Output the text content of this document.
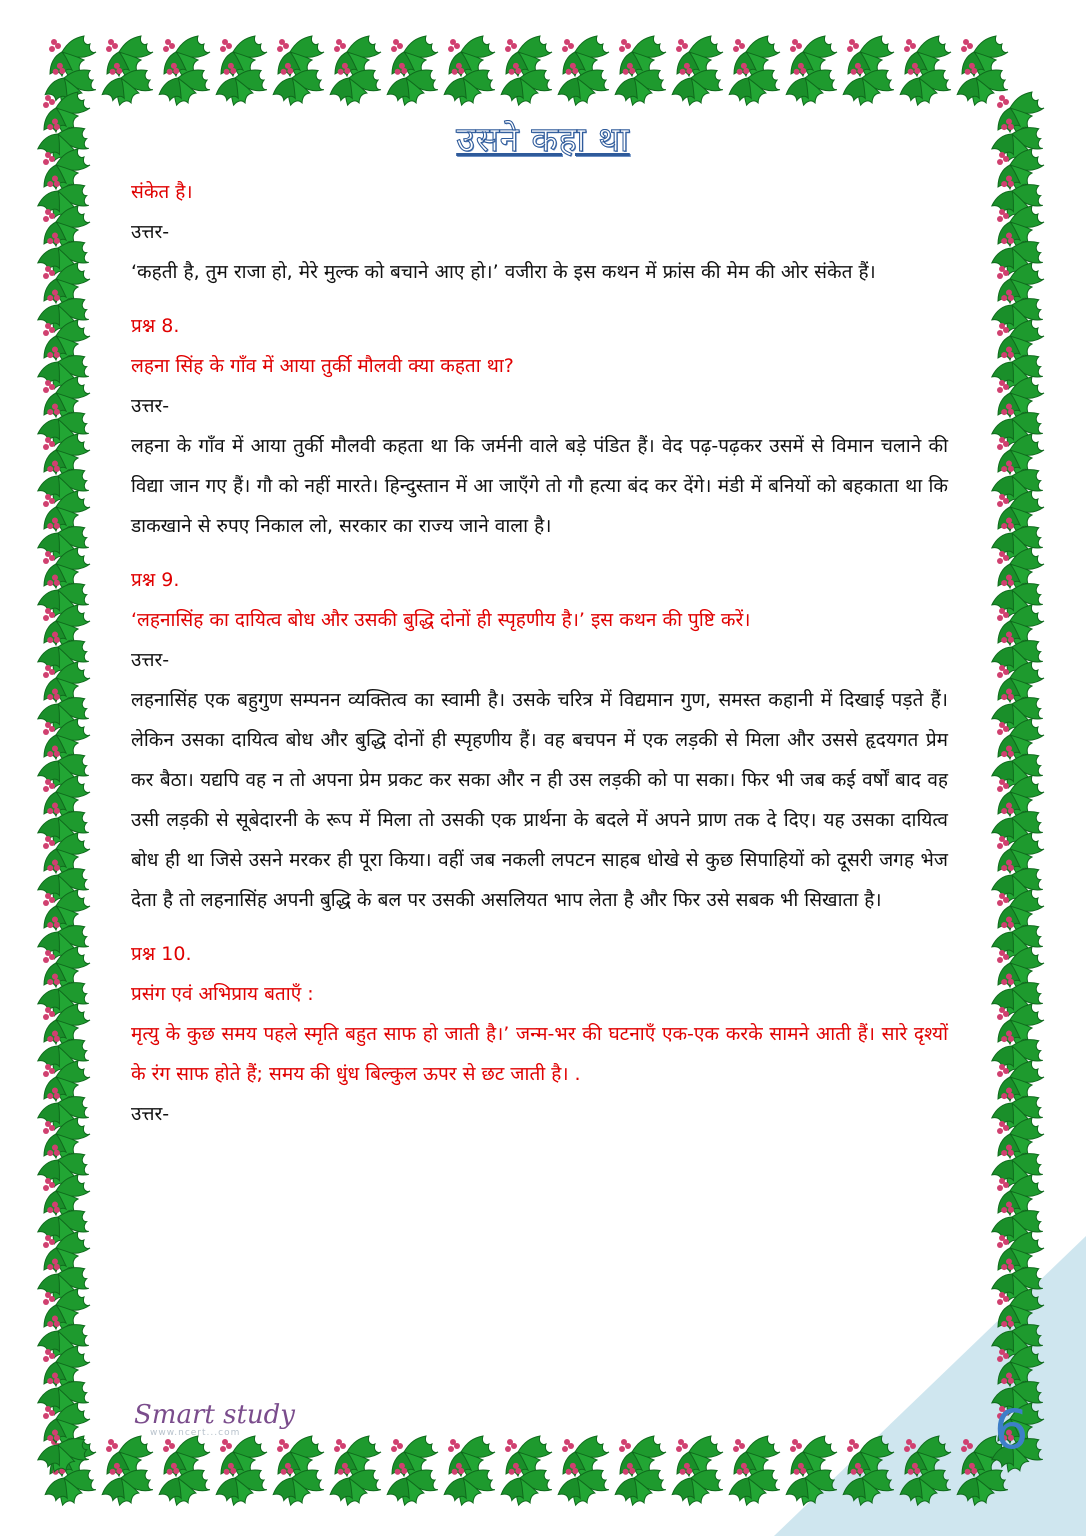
उसने कहा था

संकेत है।

उत्तर-

‘कहती है, तुम राजा हो, मेरे मुल्क को बचाने आए हो।’ वजीरा के इस कथन में फ्रांस की मेम की ओर संकेत हैं।

प्रश्न 8.

लहना सिंह के गाँव में आया तुर्की मौलवी क्या कहता था?

उत्तर-

लहना के गाँव में आया तुर्की मौलवी कहता था कि जर्मनी वाले बड़े पंडित हैं। वेद पढ़-पढ़कर उसमें से विमान चलाने की विद्या जान गए हैं। गौ को नहीं मारते। हिन्दुस्तान में आ जाएँगे तो गौ हत्या बंद कर देंगे। मंडी में बनियों को बहकाता था कि डाकखाने से रुपए निकाल लो, सरकार का राज्य जाने वाला है।

प्रश्न 9.

‘लहनासिंह का दायित्व बोध और उसकी बुद्धि दोनों ही स्पृहणीय है।’ इस कथन की पुष्टि करें।

उत्तर-

लहनासिंह एक बहुगुण सम्पनन व्यक्तित्व का स्वामी है। उसके चरित्र में विद्यमान गुण, समस्त कहानी में दिखाई पड़ते हैं। लेकिन उसका दायित्व बोध और बुद्धि दोनों ही स्पृहणीय हैं। वह बचपन में एक लड़की से मिला और उससे हृदयगत प्रेम कर बैठा। यद्यपि वह न तो अपना प्रेम प्रकट कर सका और न ही उस लड़की को पा सका। फिर भी जब कई वर्षों बाद वह उसी लड़की से सूबेदारनी के रूप में मिला तो उसकी एक प्रार्थना के बदले में अपने प्राण तक दे दिए। यह उसका दायित्व बोध ही था जिसे उसने मरकर ही पूरा किया। वहीं जब नकली लपटन साहब धोखे से कुछ सिपाहियों को दूसरी जगह भेज देता है तो लहनासिंह अपनी बुद्धि के बल पर उसकी असलियत भाप लेता है और फिर उसे सबक भी सिखाता है।

प्रश्न 10.

प्रसंग एवं अभिप्राय बताएँ :

मृत्यु के कुछ समय पहले स्मृति बहुत साफ हो जाती है।’ जन्म-भर की घटनाएँ एक-एक करके सामने आती हैं। सारे दृश्यों के रंग साफ होते हैं; समय की धुंध बिल्कुल ऊपर से छट जाती है। .

उत्तर-

Smart study
www.ncert...com	6
